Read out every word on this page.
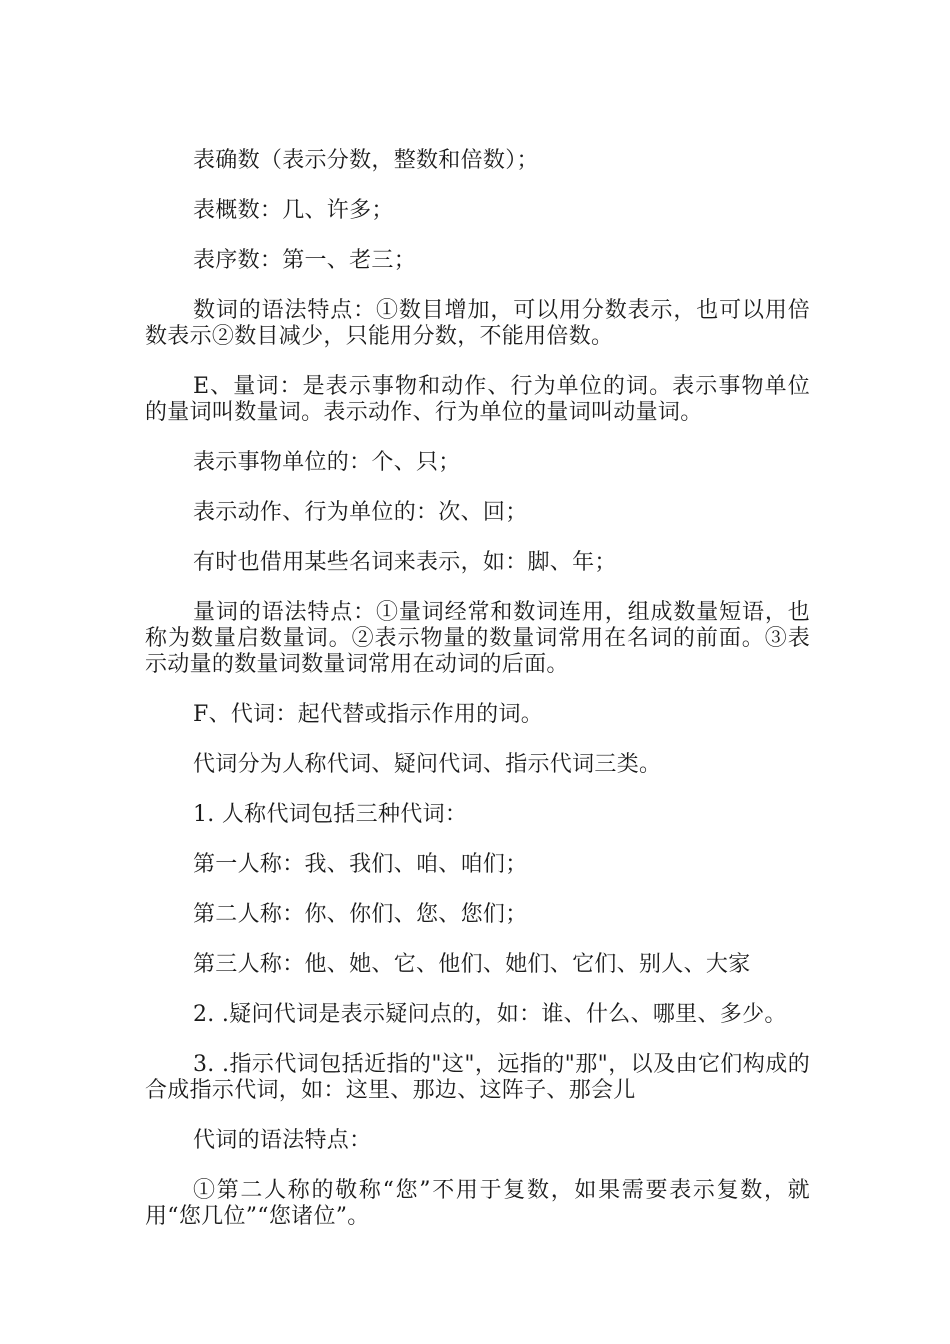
表确数（表示分数，整数和倍数）；

表概数：几、许多；

表序数：第一、老三；

数词的语法特点：①数目增加，可以用分数表示，也可以用倍数表示②数目减少，只能用分数，不能用倍数。

E、量词：是表示事物和动作、行为单位的词。表示事物单位的量词叫数量词。表示动作、行为单位的量词叫动量词。

表示事物单位的：个、只；

表示动作、行为单位的：次、回；

有时也借用某些名词来表示，如：脚、年；

量词的语法特点：①量词经常和数词连用，组成数量短语，也称为数量启数量词。②表示物量的数量词常用在名词的前面。③表示动量的数量词数量词常用在动词的后面。

F、代词：起代替或指示作用的词。

代词分为人称代词、疑问代词、指示代词三类。

1. 人称代词包括三种代词：

第一人称：我、我们、咱、咱们；

第二人称：你、你们、您、您们；

第三人称：他、她、它、他们、她们、它们、别人、大家

2. .疑问代词是表示疑问点的，如：谁、什么、哪里、多少。

3. .指示代词包括近指的"这"，远指的"那"，以及由它们构成的合成指示代词，如：这里、那边、这阵子、那会儿

代词的语法特点：

①第二人称的敬称“您”不用于复数，如果需要表示复数，就用“您几位”“您诸位”。
